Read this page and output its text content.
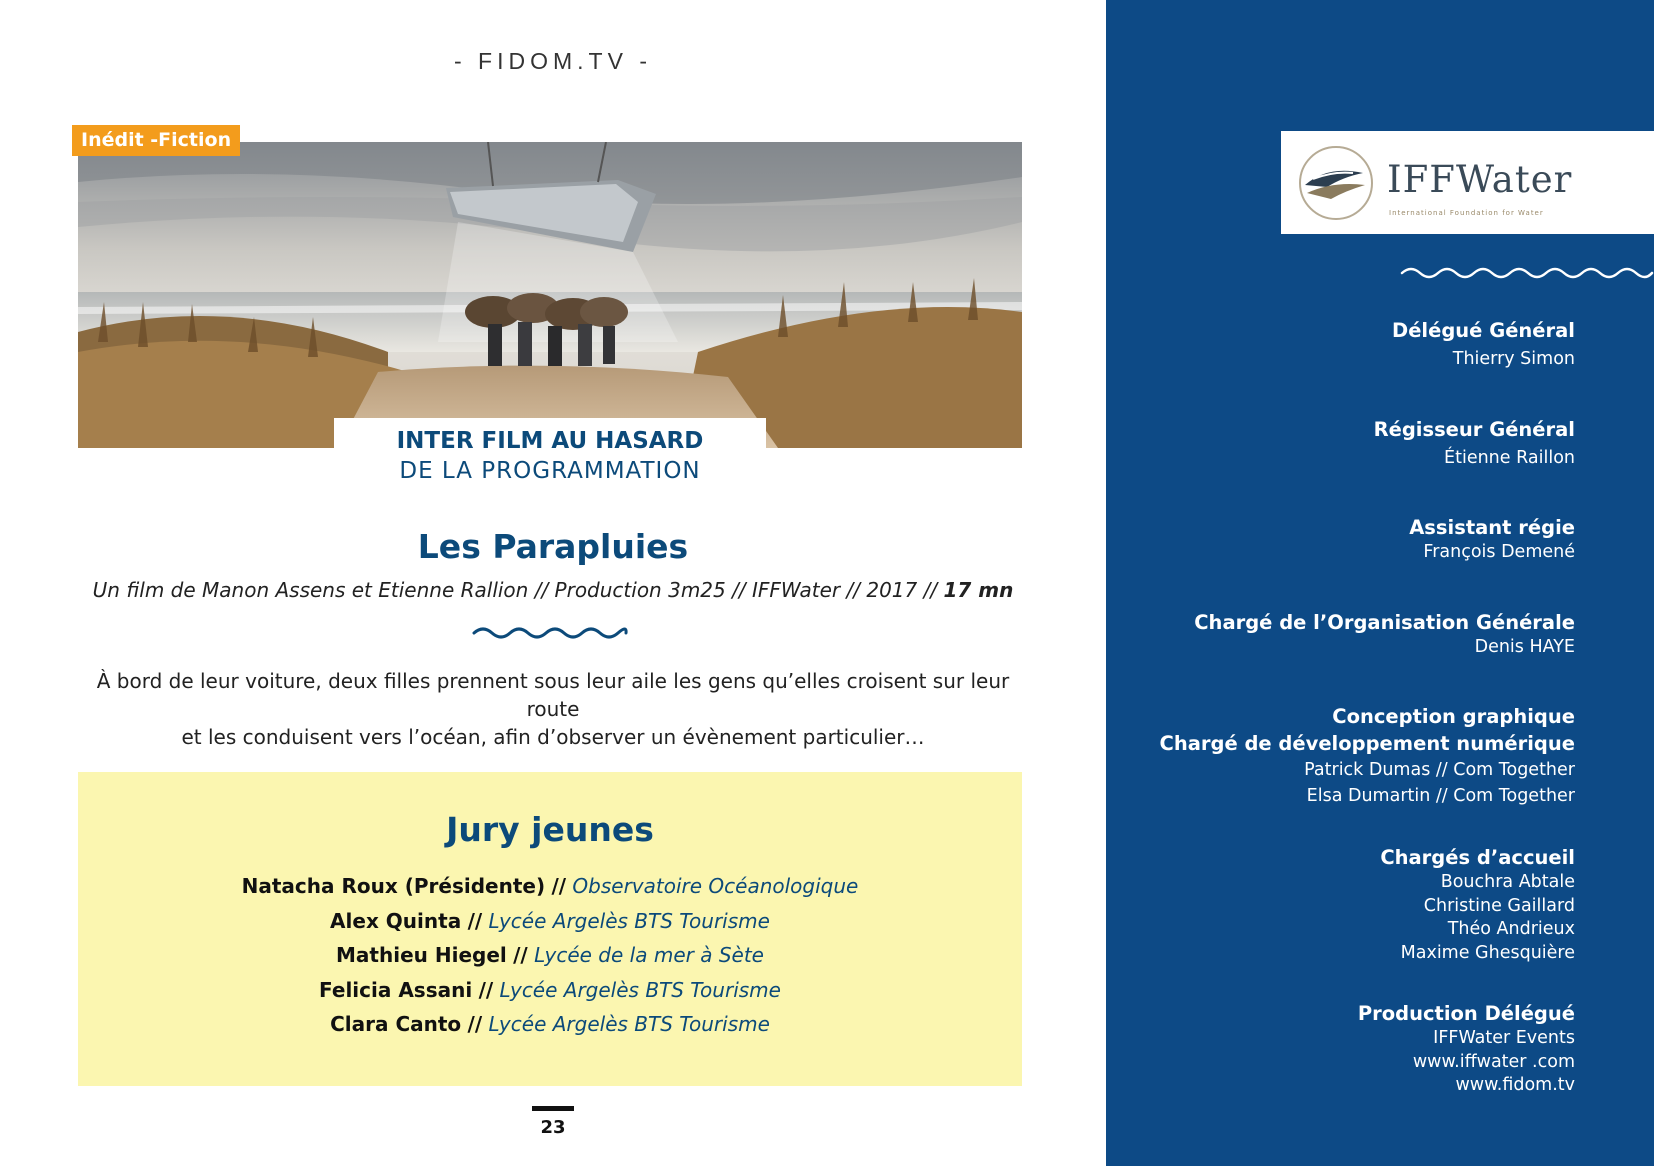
- FIDOM.TV -
Inédit -Fiction
INTER FILM AU HASARD
DE LA PROGRAMMATION
Les Parapluies
Un film de Manon Assens et Etienne Rallion // Production 3m25 // IFFWater // 2017 // 17 mn
À bord de leur voiture, deux filles prennent sous leur aile les gens qu’elles croisent sur leur route
et les conduisent vers l’océan, afin d’observer un évènement particulier…
Jury jeunes
Natacha Roux (Présidente) // Observatoire Océanologique
Alex Quinta // Lycée Argelès BTS Tourisme
Mathieu Hiegel // Lycée de la mer à Sète
Felicia Assani // Lycée Argelès BTS Tourisme
Clara Canto // Lycée Argelès BTS Tourisme
23
IFFWater
International Foundation for Water
Délégué Général
Thierry Simon
Régisseur Général
Étienne Raillon
Assistant régie
François Demené
Chargé de l’Organisation Générale
Denis HAYE
Conception graphique
Chargé de développement numérique
Patrick Dumas // Com Together
Elsa Dumartin // Com Together
Chargés d’accueil
Bouchra Abtale
Christine Gaillard
Théo Andrieux
Maxime Ghesquière
Production Délégué
IFFWater Events
www.iffwater .com
www.fidom.tv
